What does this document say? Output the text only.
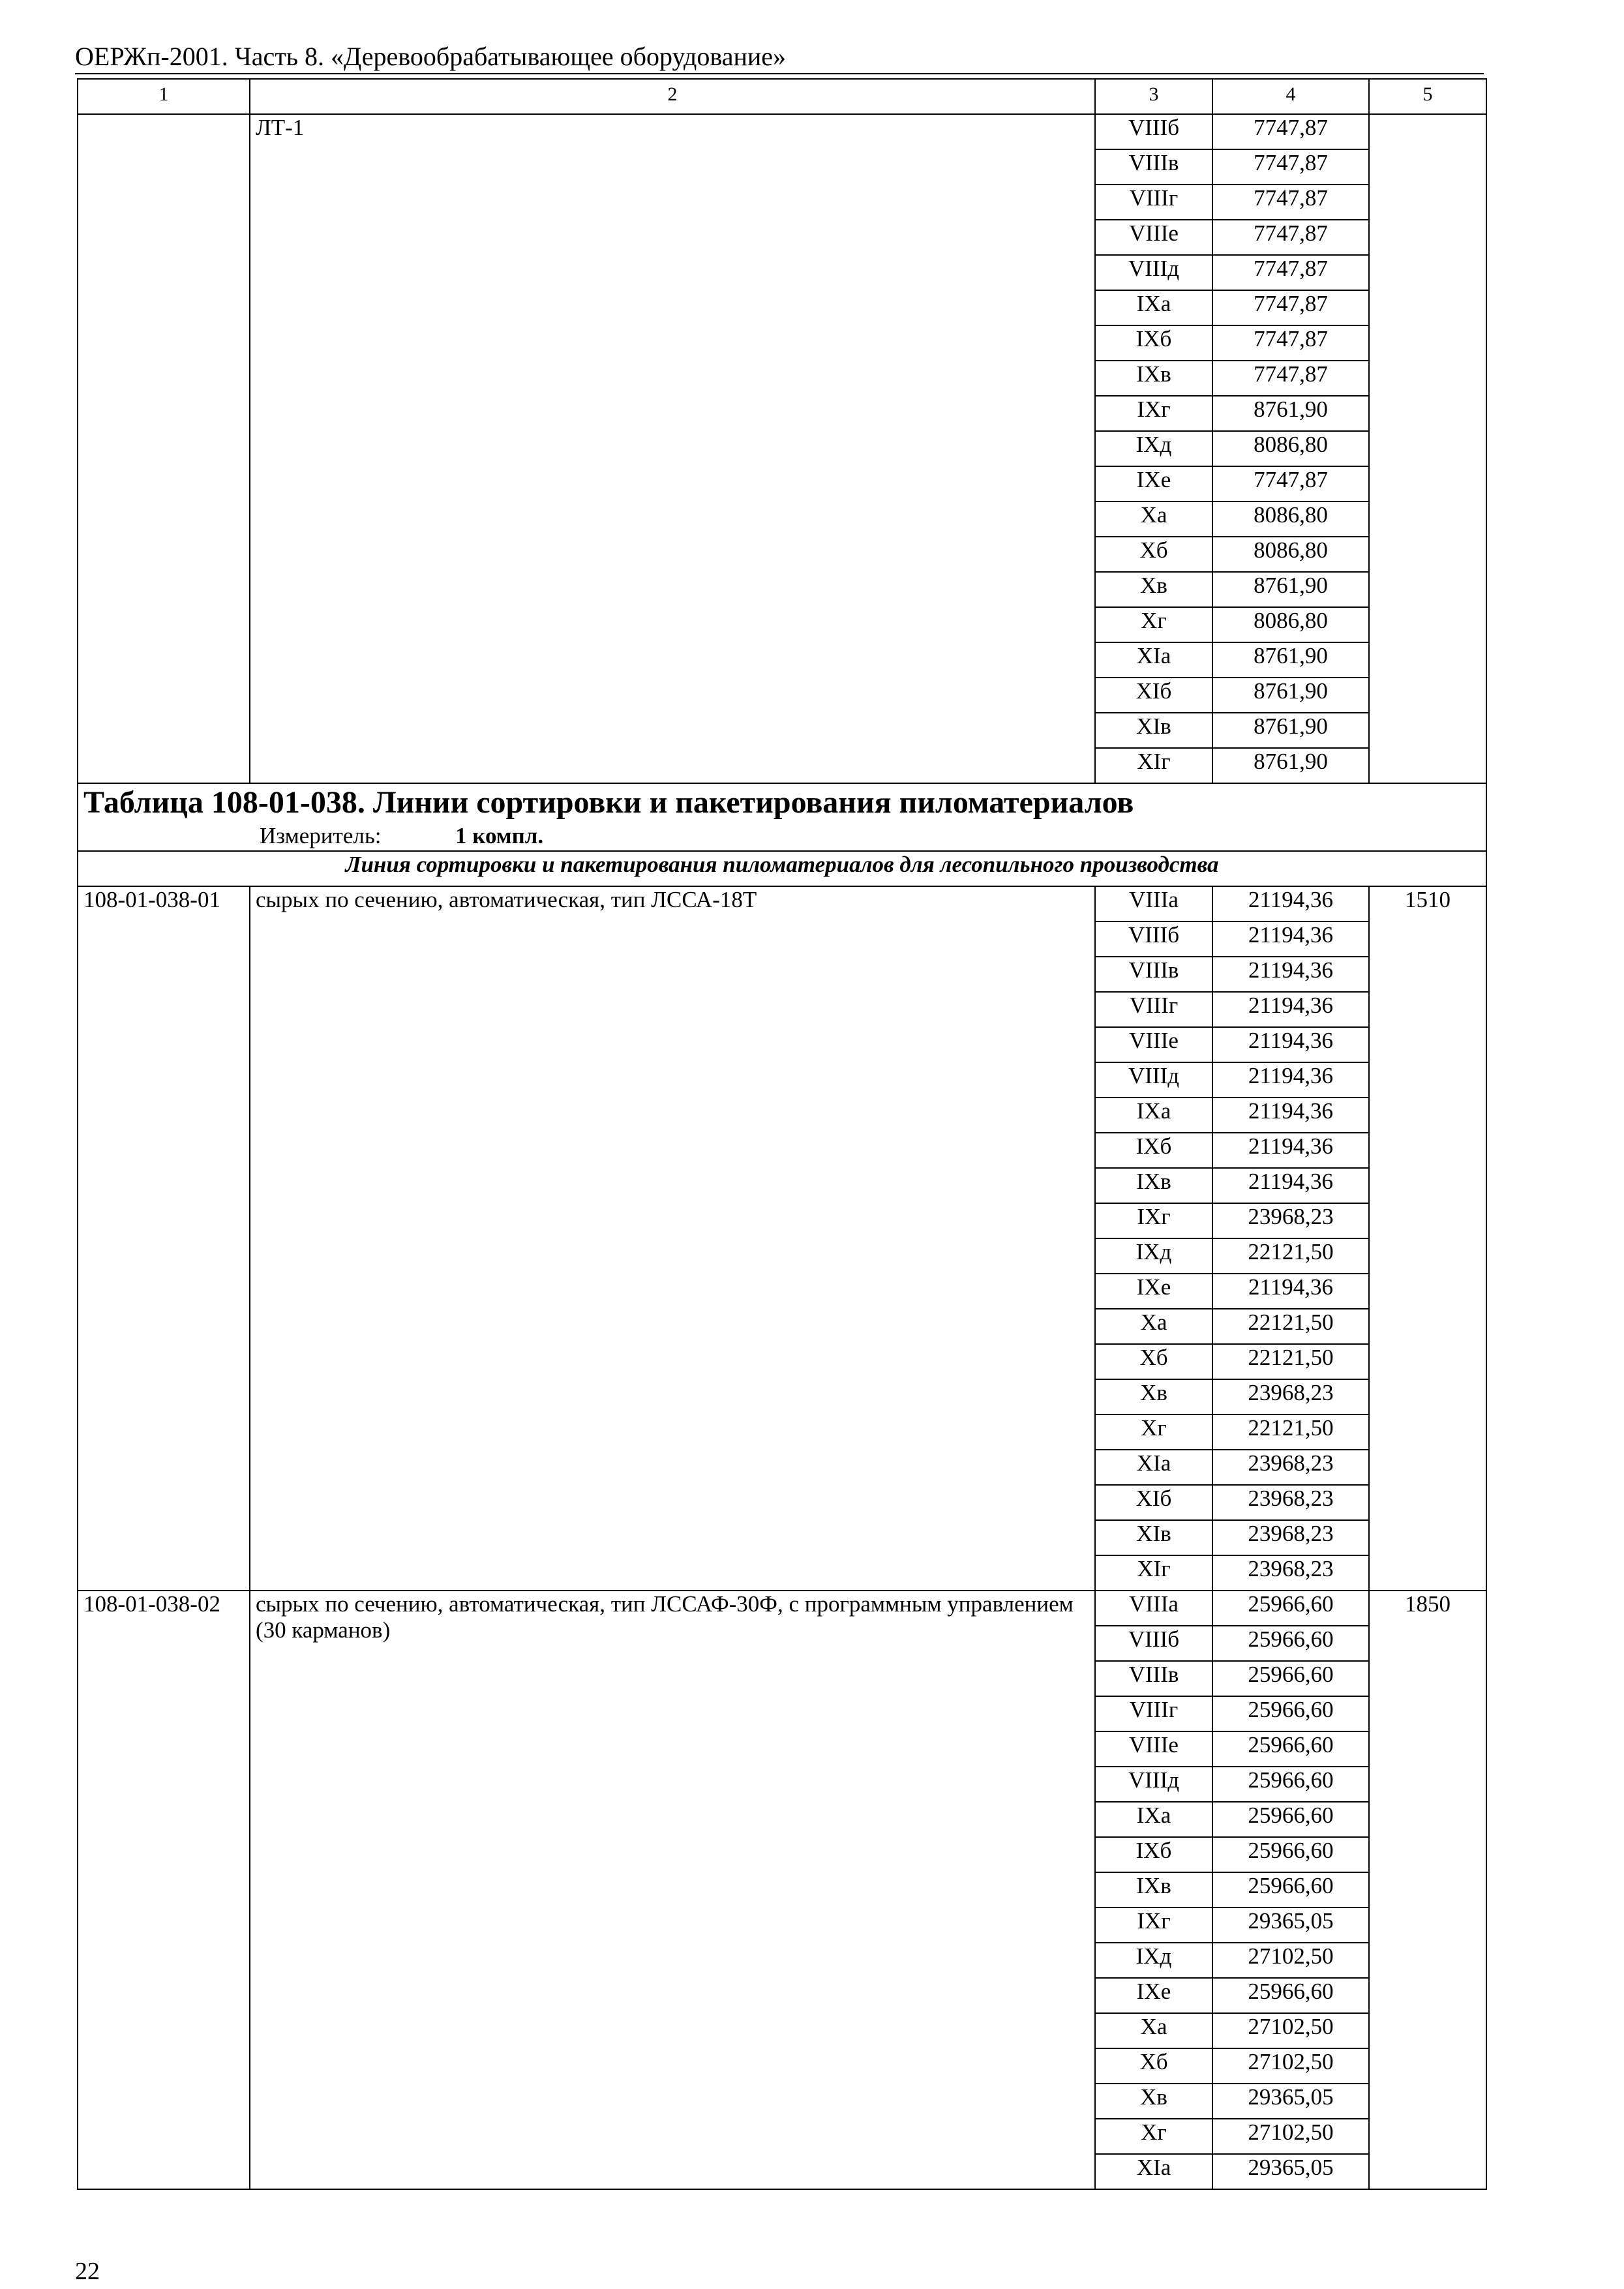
ОЕРЖп-2001. Часть 8. «Деревообрабатывающее оборудование»
1	2	3	4	5
	ЛТ-1	VIIIб	7747,87	
		VIIIв	7747,87	
		VIIIг	7747,87	
		VIIIе	7747,87	
		VIIIд	7747,87	
		IXа	7747,87	
		IXб	7747,87	
		IXв	7747,87	
		IXг	8761,90	
		IXд	8086,80	
		IXе	7747,87	
		Xа	8086,80	
		Xб	8086,80	
		Xв	8761,90	
		Xг	8086,80	
		XIа	8761,90	
		XIб	8761,90	
		XIв	8761,90	
		XIг	8761,90	

Таблица 108-01-038. Линии сортировки и пакетирования пиломатериалов
Измеритель: 1 компл.				

Линия сортировки и пакетирования пиломатериалов для лесопильного производства				
108-01-038-01	сырых по сечению, автоматическая, тип ЛССА-18Т	VIIIа	21194,36	1510
		VIIIб	21194,36	
		VIIIв	21194,36	
		VIIIг	21194,36	
		VIIIе	21194,36	
		VIIIд	21194,36	
		IXа	21194,36	
		IXб	21194,36	
		IXв	21194,36	
		IXг	23968,23	
		IXд	22121,50	
		IXе	21194,36	
		Xа	22121,50	
		Xб	22121,50	
		Xв	23968,23	
		Xг	22121,50	
		XIа	23968,23	
		XIб	23968,23	
		XIв	23968,23	
		XIг	23968,23	
108-01-038-02	сырых по сечению, автоматическая, тип ЛССАФ-30Ф, с программным управлением (30 карманов)	VIIIа	25966,60	1850
		VIIIб	25966,60	
		VIIIв	25966,60	
		VIIIг	25966,60	
		VIIIе	25966,60	
		VIIIд	25966,60	
		IXа	25966,60	
		IXб	25966,60	
		IXв	25966,60	
		IXг	29365,05	
		IXд	27102,50	
		IXе	25966,60	
		Xа	27102,50	
		Xб	27102,50	
		Xв	29365,05	
		Xг	27102,50	
		XIа	29365,05	
22
